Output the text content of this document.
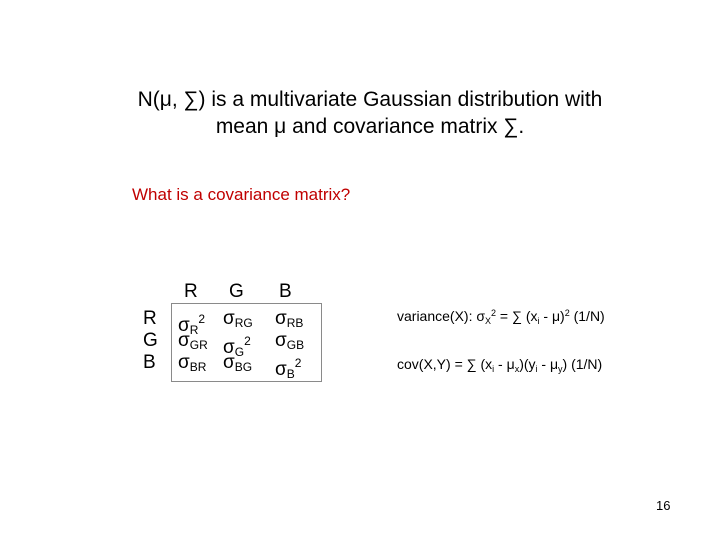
N(μ, ∑) is a multivariate Gaussian distribution with
mean μ and covariance matrix ∑.
What is a covariance matrix?
R G B
R
G
B
$\sigma_R^2$ $\sigma_{RG}$ $\sigma_{RB}$
$\sigma_{GR}$ $\sigma_G^2$ $\sigma_{GB}$
$\sigma_{BR}$ $\sigma_{BG}$ $\sigma_B^2$
variance(X): $\sigma_X^2$ = ∑ $(x_i - \mu)^2$ (1/N)
cov(X,Y) = ∑ $(x_i - \mu_x)(y_i - \mu_y)$ (1/N)
16
